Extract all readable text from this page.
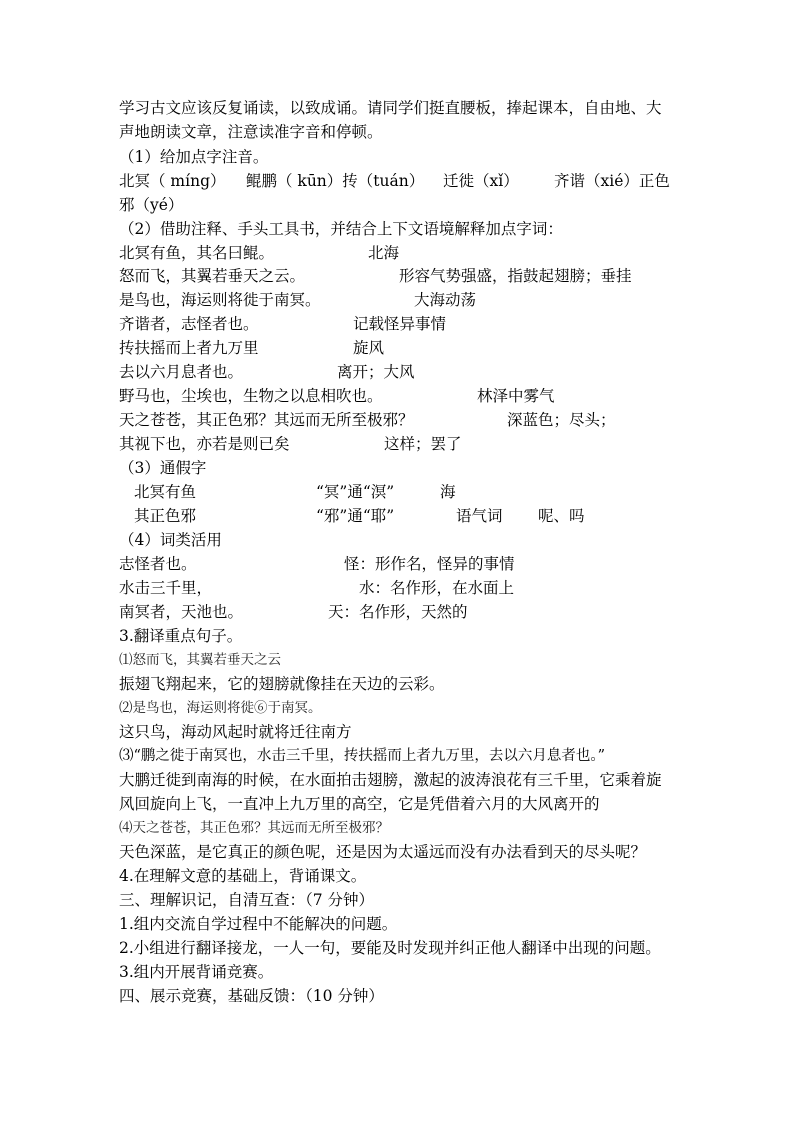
学习古文应该反复诵读，以致成诵。请同学们挺直腰板，捧起课本，自由地、大
声地朗读文章，注意读准字音和停顿。
（1）给加点字注音。
北冥（ míng） 鲲鹏（ kūn）抟（tuán） 迁徙（xǐ） 齐谐（xié）正色
邪（yé）
（2）借助注释、手头工具书，并结合上下文语境解释加点字词：
北冥有鱼，其名曰鲲。	北海
怒而飞，其翼若垂天之云。	形容气势强盛，指鼓起翅膀；垂挂
是鸟也，海运则将徙于南冥。	大海动荡
齐谐者，志怪者也。	记载怪异事情
抟扶摇而上者九万里	旋风
去以六月息者也。	离开；大风
野马也，尘埃也，生物之以息相吹也。	林泽中雾气
天之苍苍，其正色邪？其远而无所至极邪？	深蓝色；尽头；
其视下也，亦若是则已矣	这样；罢了
（3）通假字
北冥有鱼	“冥”通“溟”	海
其正色邪	“邪”通“耶”	语气词 呢、吗
（4）词类活用
志怪者也。	怪：形作名，怪异的事情
水击三千里，	水：名作形，在水面上
南冥者，天池也。	天：名作形，天然的
3.翻译重点句子。
⑴怒而飞，其翼若垂天之云
振翅飞翔起来，它的翅膀就像挂在天边的云彩。
⑵是鸟也，海运则将徙⑥于南冥。
这只鸟，海动风起时就将迁往南方
⑶“鹏之徙于南冥也，水击三千里，抟扶摇而上者九万里，去以六月息者也。”
大鹏迁徙到南海的时候，在水面拍击翅膀，激起的波涛浪花有三千里，它乘着旋
风回旋向上飞，一直冲上九万里的高空，它是凭借着六月的大风离开的
⑷天之苍苍，其正色邪？其远而无所至极邪？
天色深蓝，是它真正的颜色呢，还是因为太遥远而没有办法看到天的尽头呢？
4.在理解文意的基础上，背诵课文。
三、理解识记，自清互查：（7 分钟）
1.组内交流自学过程中不能解决的问题。
2.小组进行翻译接龙，一人一句，要能及时发现并纠正他人翻译中出现的问题。
3.组内开展背诵竞赛。
四、展示竞赛，基础反馈：（10 分钟）
